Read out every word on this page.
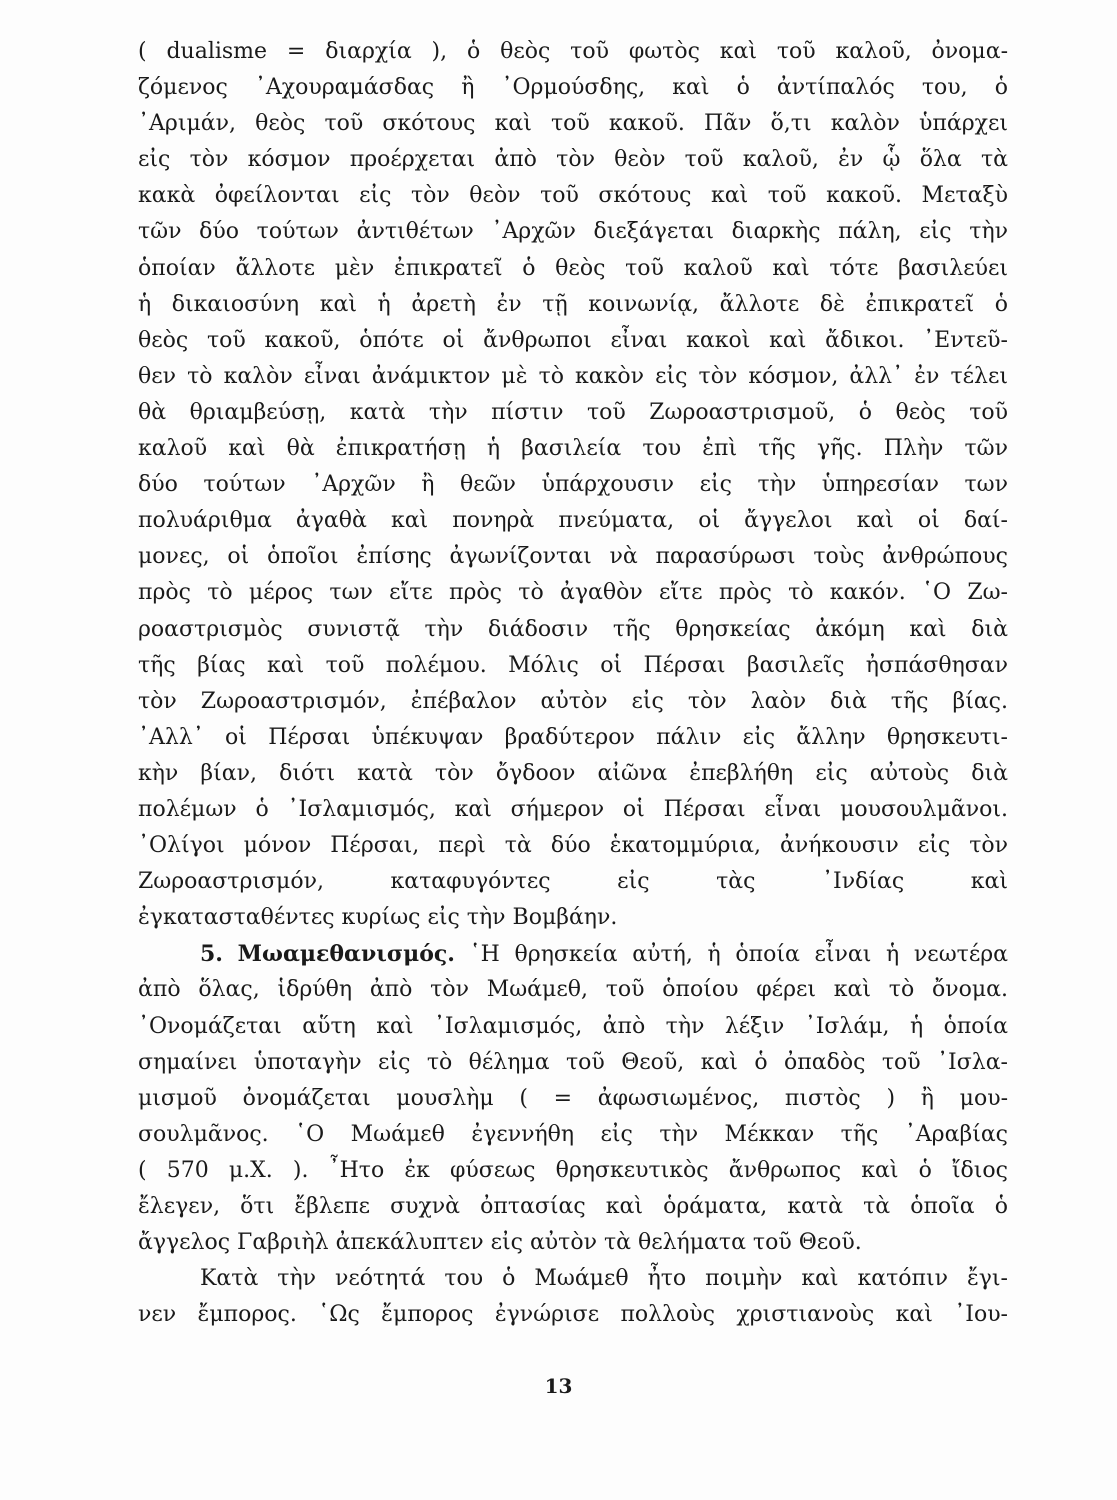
( dualisme = διαρχία ), ὁ θεὸς τοῦ φωτὸς καὶ τοῦ καλοῦ, ὀνομα-
ζόμενος ᾿Αχουραμάσδας ἢ ᾿Ορμούσδης, καὶ ὁ ἀντίπαλός του, ὁ
᾿Αριμάν, θεὸς τοῦ σκότους καὶ τοῦ κακοῦ. Πᾶν ὅ,τι καλὸν ὑπάρχει
εἰς τὸν κόσμον προέρχεται ἀπὸ τὸν θεὸν τοῦ καλοῦ, ἐν ᾧ ὅλα τὰ
κακὰ ὀφείλονται εἰς τὸν θεὸν τοῦ σκότους καὶ τοῦ κακοῦ. Μεταξὺ
τῶν δύο τούτων ἀντιθέτων ᾿Αρχῶν διεξάγεται διαρκὴς πάλη, εἰς τὴν
ὁποίαν ἄλλοτε μὲν ἐπικρατεῖ ὁ θεὸς τοῦ καλοῦ καὶ τότε βασιλεύει
ἡ δικαιοσύνη καὶ ἡ ἀρετὴ ἐν τῇ κοινωνίᾳ, ἄλλοτε δὲ ἐπικρατεῖ ὁ
θεὸς τοῦ κακοῦ, ὁπότε οἱ ἄνθρωποι εἶναι κακοὶ καὶ ἄδικοι. ᾿Εντεῦ-
θεν τὸ καλὸν εἶναι ἀνάμικτον μὲ τὸ κακὸν εἰς τὸν κόσμον, ἀλλ᾿ ἐν τέλει
θὰ θριαμβεύσῃ, κατὰ τὴν πίστιν τοῦ Ζωροαστρισμοῦ, ὁ θεὸς τοῦ
καλοῦ καὶ θὰ ἐπικρατήσῃ ἡ βασιλεία του ἐπὶ τῆς γῆς. Πλὴν τῶν
δύο τούτων ᾿Αρχῶν ἢ θεῶν ὑπάρχουσιν εἰς τὴν ὑπηρεσίαν των
πολυάριθμα ἀγαθὰ καὶ πονηρὰ πνεύματα, οἱ ἄγγελοι καὶ οἱ δαί-
μονες, οἱ ὁποῖοι ἐπίσης ἀγωνίζονται νὰ παρασύρωσι τοὺς ἀνθρώπους
πρὸς τὸ μέρος των εἴτε πρὸς τὸ ἀγαθὸν εἴτε πρὸς τὸ κακόν. ῾Ο Ζω-
ροαστρισμὸς συνιστᾷ τὴν διάδοσιν τῆς θρησκείας ἀκόμη καὶ διὰ
τῆς βίας καὶ τοῦ πολέμου. Μόλις οἱ Πέρσαι βασιλεῖς ἠσπάσθησαν
τὸν Ζωροαστρισμόν, ἐπέβαλον αὐτὸν εἰς τὸν λαὸν διὰ τῆς βίας.
᾿Αλλ᾿ οἱ Πέρσαι ὑπέκυψαν βραδύτερον πάλιν εἰς ἄλλην θρησκευτι-
κὴν βίαν, διότι κατὰ τὸν ὄγδοον αἰῶνα ἐπεβλήθη εἰς αὐτοὺς διὰ
πολέμων ὁ ᾿Ισλαμισμός, καὶ σήμερον οἱ Πέρσαι εἶναι μουσουλμᾶνοι.
᾿Ολίγοι μόνον Πέρσαι, περὶ τὰ δύο ἑκατομμύρια, ἀνήκουσιν εἰς τὸν
Ζωροαστρισμόν, καταφυγόντες εἰς τὰς ᾿Ινδίας καὶ
ἐγκατασταθέντες κυρίως εἰς τὴν Βομβάην.
5. Μωαμεθανισμός. ῾Η θρησκεία αὐτή, ἡ ὁποία εἶναι ἡ νεωτέρα
ἀπὸ ὅλας, ἱδρύθη ἀπὸ τὸν Μωάμεθ, τοῦ ὁποίου φέρει καὶ τὸ ὄνομα.
᾿Ονομάζεται αὕτη καὶ ᾿Ισλαμισμός, ἀπὸ τὴν λέξιν ᾿Ισλάμ, ἡ ὁποία
σημαίνει ὑποταγὴν εἰς τὸ θέλημα τοῦ Θεοῦ, καὶ ὁ ὀπαδὸς τοῦ ᾿Ισλα-
μισμοῦ ὀνομάζεται μουσλὴμ ( = ἀφωσιωμένος, πιστὸς ) ἢ μου-
σουλμᾶνος. ῾Ο Μωάμεθ ἐγεννήθη εἰς τὴν Μέκκαν τῆς ᾿Αραβίας
( 570 μ.Χ. ). ῏Ητο ἐκ φύσεως θρησκευτικὸς ἄνθρωπος καὶ ὁ ἴδιος
ἔλεγεν, ὅτι ἔβλεπε συχνὰ ὀπτασίας καὶ ὁράματα, κατὰ τὰ ὁποῖα ὁ
ἄγγελος Γαβριὴλ ἀπεκάλυπτεν εἰς αὐτὸν τὰ θελήματα τοῦ Θεοῦ.
Κατὰ τὴν νεότητά του ὁ Μωάμεθ ἦτο ποιμὴν καὶ κατόπιν ἔγι-
νεν ἔμπορος. ῾Ως ἔμπορος ἐγνώρισε πολλοὺς χριστιανοὺς καὶ ᾿Ιου-
13
